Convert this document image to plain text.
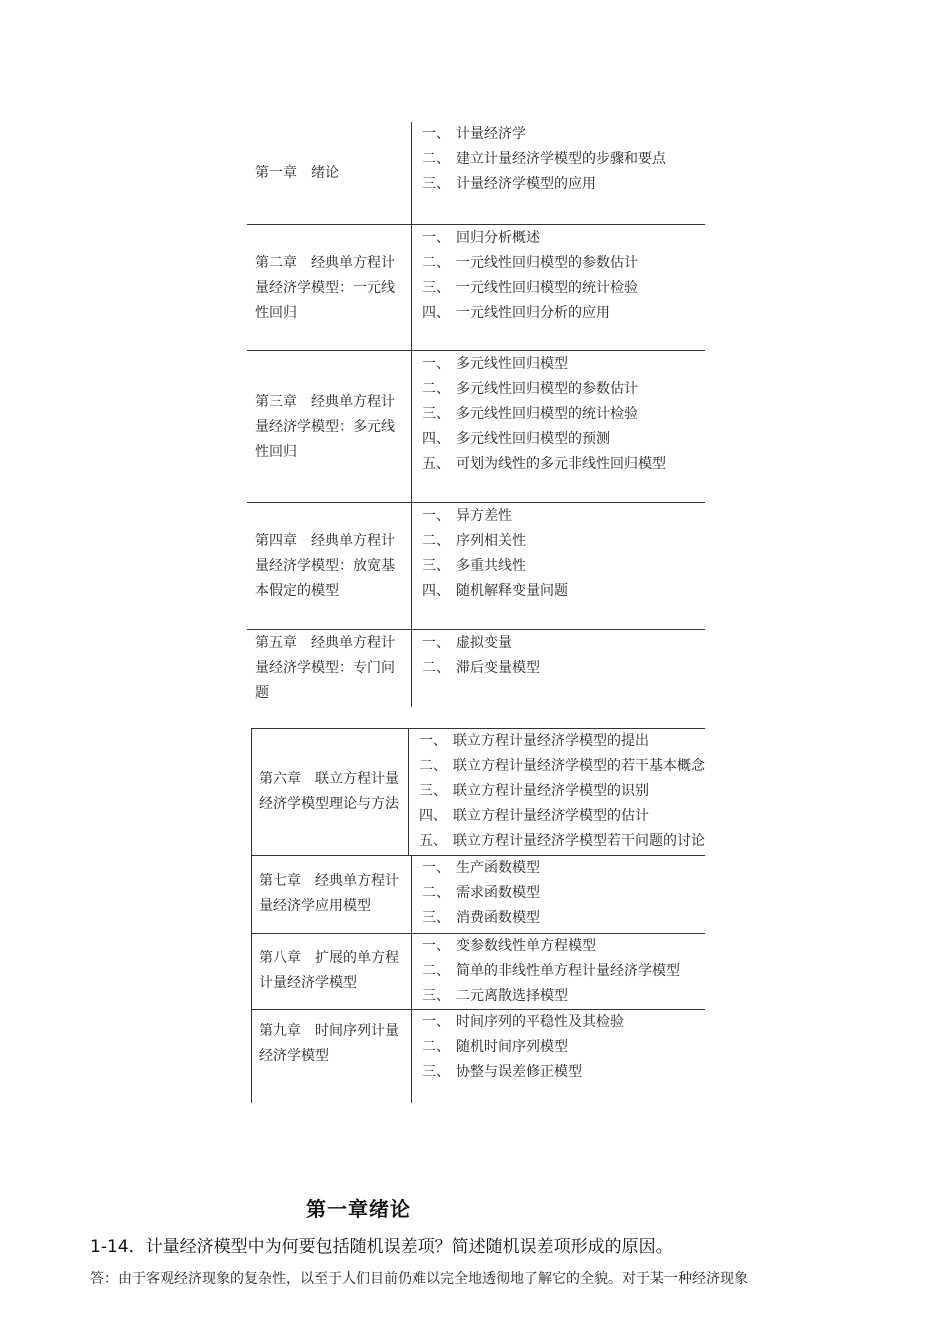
第一章　绪论
一、 计量经济学
二、 建立计量经济学模型的步骤和要点
三、 计量经济学模型的应用
第二章　经典单方程计量经济学模型：一元线性回归
一、 回归分析概述
二、 一元线性回归模型的参数估计
三、 一元线性回归模型的统计检验
四、 一元线性回归分析的应用
第三章　经典单方程计量经济学模型：多元线性回归
一、 多元线性回归模型
二、 多元线性回归模型的参数估计
三、 多元线性回归模型的统计检验
四、 多元线性回归模型的预测
五、 可划为线性的多元非线性回归模型
第四章　经典单方程计量经济学模型：放宽基本假定的模型
一、 异方差性
二、 序列相关性
三、 多重共线性
四、 随机解释变量问题
第五章　经典单方程计量经济学模型：专门问题
一、 虚拟变量
二、 滞后变量模型
第六章　联立方程计量经济学模型理论与方法
一、 联立方程计量经济学模型的提出
二、 联立方程计量经济学模型的若干基本概念
三、 联立方程计量经济学模型的识别
四、 联立方程计量经济学模型的估计
五、 联立方程计量经济学模型若干问题的讨论
第七章　经典单方程计量经济学应用模型
一、 生产函数模型
二、 需求函数模型
三、 消费函数模型
第八章　扩展的单方程计量经济学模型
一、 变参数线性单方程模型
二、 简单的非线性单方程计量经济学模型
三、 二元离散选择模型
第九章　时间序列计量经济学模型
一、 时间序列的平稳性及其检验
二、 随机时间序列模型
三、 协整与误差修正模型
第一章绪论
1-14．计量经济模型中为何要包括随机误差项？简述随机误差项形成的原因。
答：由于客观经济现象的复杂性，以至于人们目前仍难以完全地透彻地了解它的全貌。对于某一种经济现象
